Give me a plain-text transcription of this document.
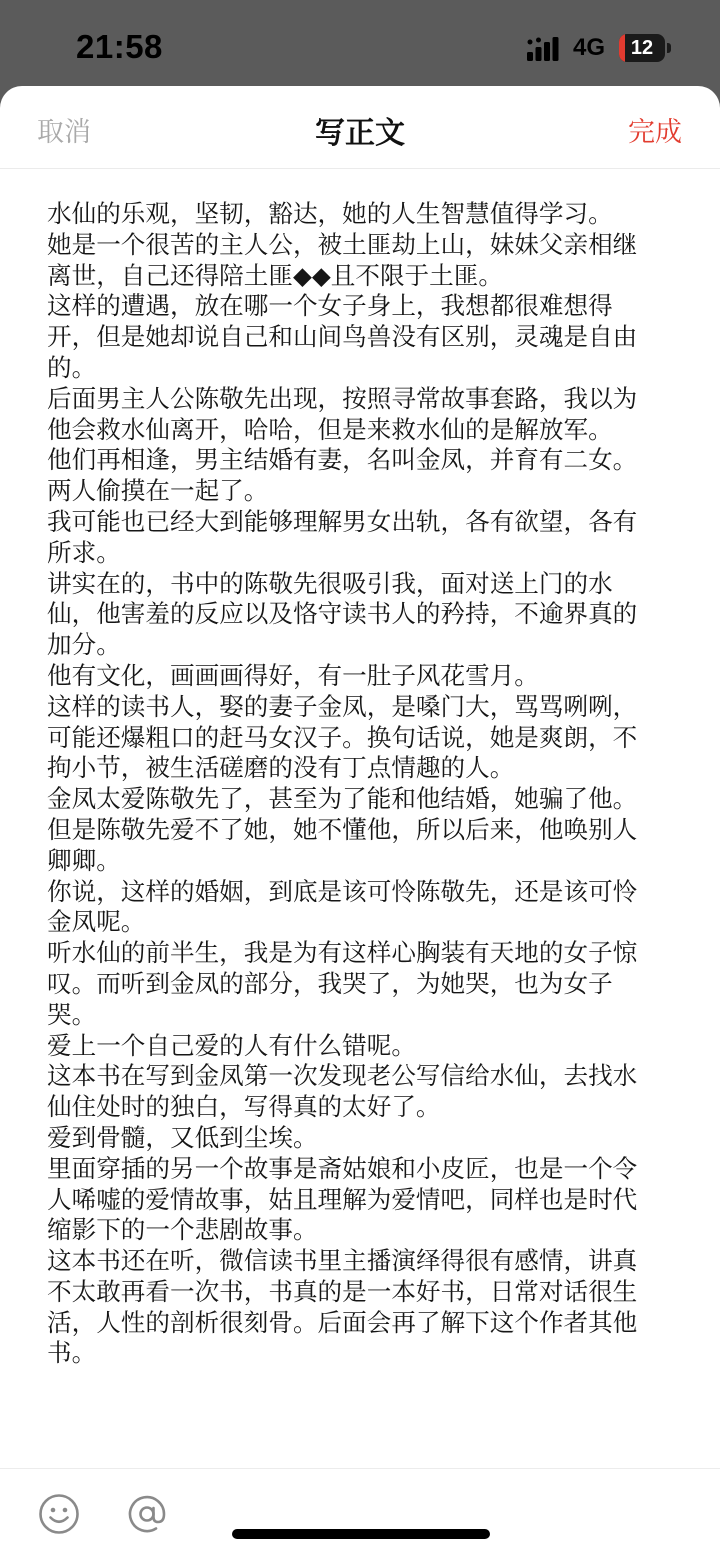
21:58	4G	12
取消	写正文	完成

水仙的乐观，坚韧，豁达，她的人生智慧值得学习。

她是一个很苦的主人公，被土匪劫上山，妹妹父亲相继离世，自己还得陪土匪◆◆且不限于土匪。

这样的遭遇，放在哪一个女子身上，我想都很难想得开，但是她却说自己和山间鸟兽没有区别，灵魂是自由的。

后面男主人公陈敬先出现，按照寻常故事套路，我以为他会救水仙离开，哈哈，但是来救水仙的是解放军。

他们再相逢，男主结婚有妻，名叫金凤，并育有二女。

两人偷摸在一起了。

我可能也已经大到能够理解男女出轨，各有欲望，各有所求。

讲实在的，书中的陈敬先很吸引我，面对送上门的水仙，他害羞的反应以及恪守读书人的矜持，不逾界真的加分。

他有文化，画画画得好，有一肚子风花雪月。

这样的读书人，娶的妻子金凤，是嗓门大，骂骂咧咧，可能还爆粗口的赶马女汉子。换句话说，她是爽朗，不拘小节，被生活磋磨的没有丁点情趣的人。

金凤太爱陈敬先了，甚至为了能和他结婚，她骗了他。但是陈敬先爱不了她，她不懂他，所以后来，他唤别人卿卿。

你说，这样的婚姻，到底是该可怜陈敬先，还是该可怜金凤呢。

听水仙的前半生，我是为有这样心胸装有天地的女子惊叹。而听到金凤的部分，我哭了，为她哭，也为女子哭。

爱上一个自己爱的人有什么错呢。

这本书在写到金凤第一次发现老公写信给水仙，去找水仙住处时的独白，写得真的太好了。

爱到骨髓，又低到尘埃。

里面穿插的另一个故事是斋姑娘和小皮匠，也是一个令人唏嘘的爱情故事，姑且理解为爱情吧，同样也是时代缩影下的一个悲剧故事。

这本书还在听，微信读书里主播演绎得很有感情，讲真不太敢再看一次书，书真的是一本好书，日常对话很生活，人性的剖析很刻骨。后面会再了解下这个作者其他书。
